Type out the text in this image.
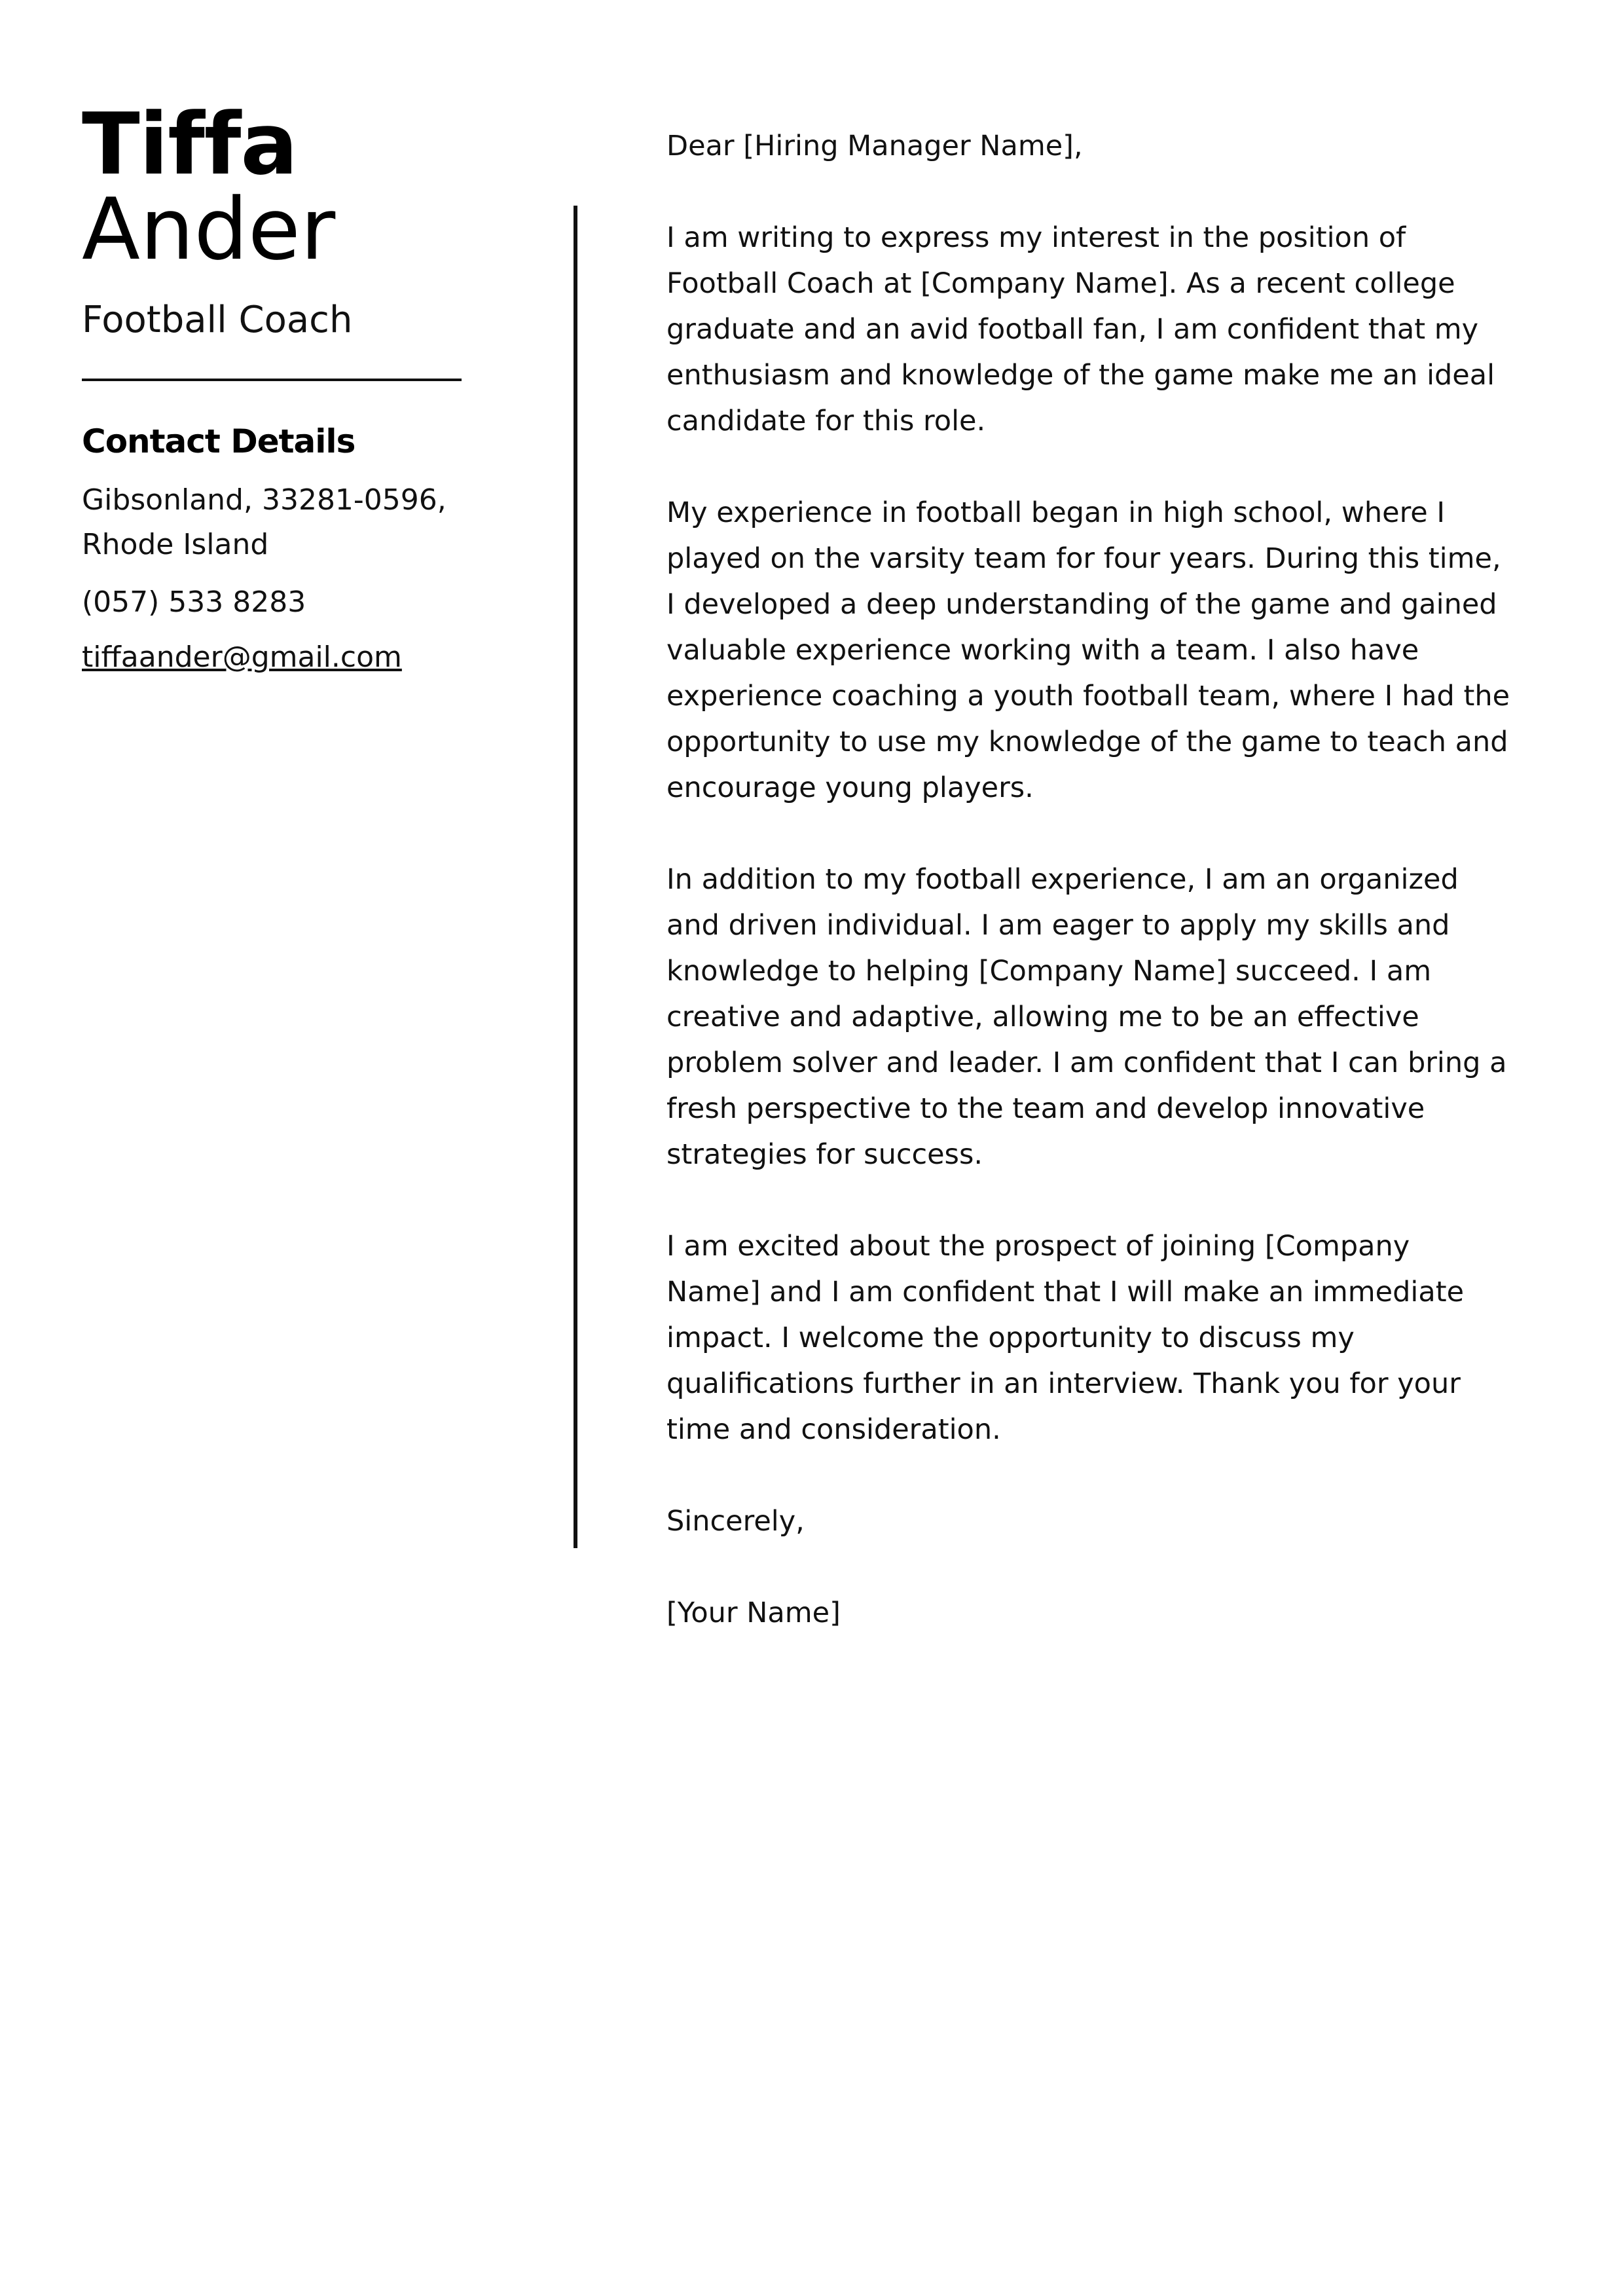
Tiffa
Ander
Football Coach
Contact Details
Gibsonland, 33281-0596, Rhode Island
(057) 533 8283
tiffaander@gmail.com

Dear [Hiring Manager Name],

I am writing to express my interest in the position of Football Coach at [Company Name]. As a recent college graduate and an avid football fan, I am confident that my enthusiasm and knowledge of the game make me an ideal candidate for this role.

My experience in football began in high school, where I played on the varsity team for four years. During this time, I developed a deep understanding of the game and gained valuable experience working with a team. I also have experience coaching a youth football team, where I had the opportunity to use my knowledge of the game to teach and encourage young players.

In addition to my football experience, I am an organized and driven individual. I am eager to apply my skills and knowledge to helping [Company Name] succeed. I am creative and adaptive, allowing me to be an effective problem solver and leader. I am confident that I can bring a fresh perspective to the team and develop innovative strategies for success.

I am excited about the prospect of joining [Company Name] and I am confident that I will make an immediate impact. I welcome the opportunity to discuss my qualifications further in an interview. Thank you for your time and consideration.

Sincerely,

[Your Name]
